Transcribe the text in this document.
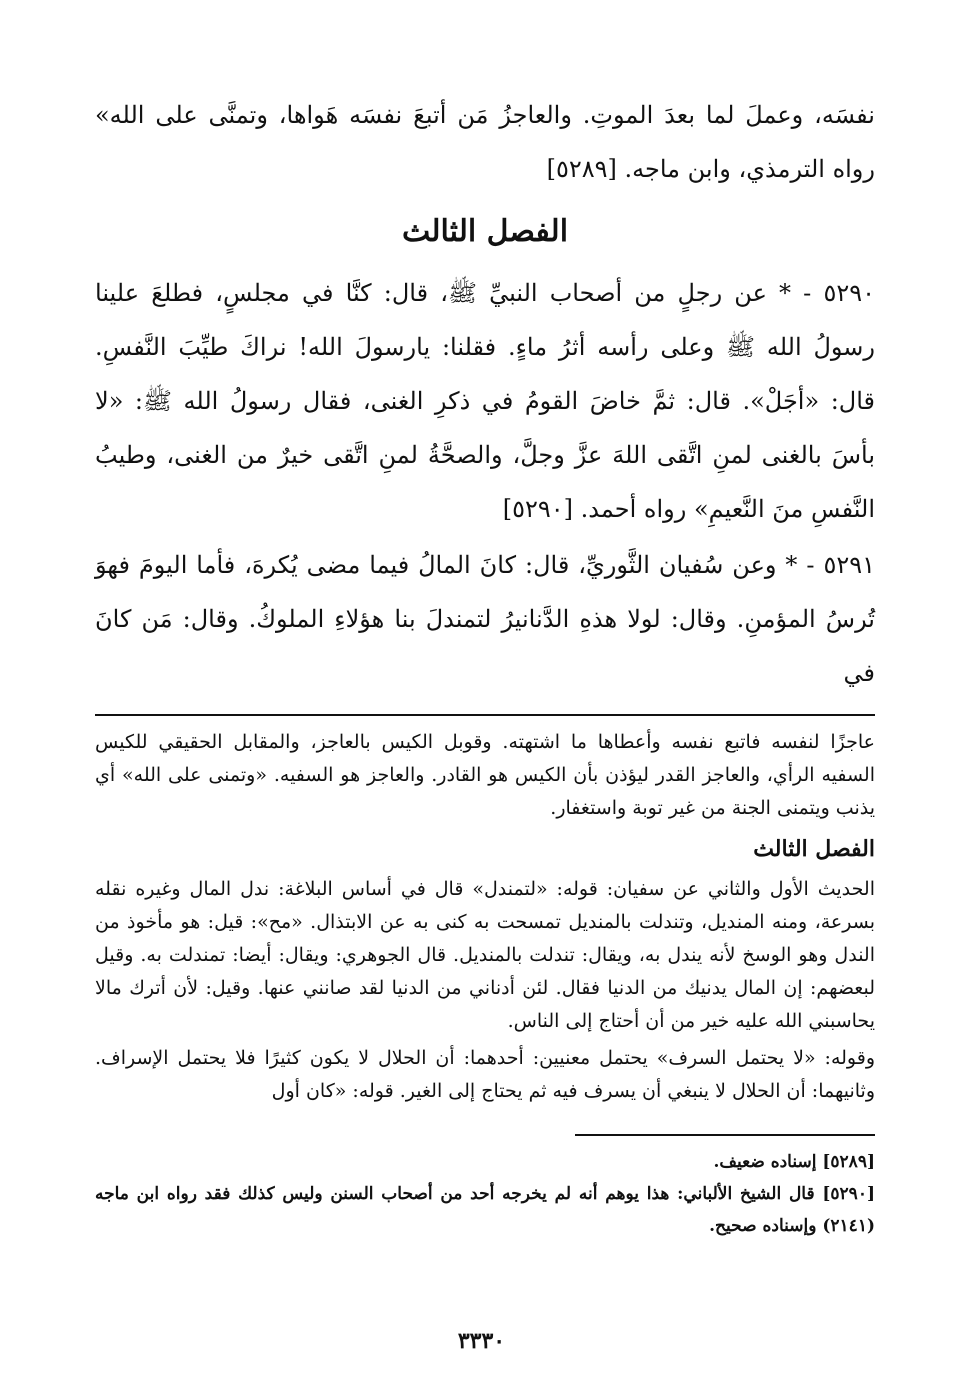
نفسَه، وعملَ لما بعدَ الموتِ. والعاجزُ مَن أتبعَ نفسَه هَواها، وتمنَّى على الله» رواه الترمذي، وابن ماجه. [٥٢٨٩]

الفصل الثالث

٥٢٩٠ - * عن رجلٍ من أصحاب النبيِّ ﷺ، قال: كنَّا في مجلسٍ، فطلعَ علينا رسولُ الله ﷺ وعلى رأسه أثرُ ماءٍ. فقلنا: يارسولَ الله! نراكَ طيِّبَ النَّفسِ. قال: «أجَلْ». قال: ثمَّ خاضَ القومُ في ذكرِ الغنى، فقال رسولُ الله ﷺ: «لا بأسَ بالغنى لمنِ اتَّقى اللهَ عزَّ وجلَّ، والصحَّةُ لمنِ اتَّقى خيرٌ من الغنى، وطيبُ النَّفسِ منَ النَّعيمِ» رواه أحمد. [٥٢٩٠]

٥٢٩١ - * وعن سُفيان الثَّوريِّ، قال: كانَ المالُ فيما مضى يُكرهَ، فأما اليومَ فهوَ تُرسُ المؤمنِ. وقال: لولا هذهِ الدَّنانيرُ لتمندلَ بنا هؤلاءِ الملوكُ. وقال: مَن كانَ في

عاجزًا لنفسه فاتبع نفسه وأعطاها ما اشتهته. وقوبل الكيس بالعاجز، والمقابل الحقيقي للكيس السفيه الرأي، والعاجز القدر ليؤذن بأن الكيس هو القادر. والعاجز هو السفيه. «وتمنى على الله» أي يذنب ويتمنى الجنة من غير توبة واستغفار.

الفصل الثالث

الحديث الأول والثاني عن سفيان: قوله: «لتمندل» قال في أساس البلاغة: ندل المال وغيره نقله بسرعة، ومنه المنديل، وتندلت بالمنديل تمسحت به كنى به عن الابتذال. «مح»: قيل: هو مأخوذ من الندل وهو الوسخ لأنه يندل به، ويقال: تندلت بالمنديل. قال الجوهري: ويقال: أيضا: تمندلت به. وقيل لبعضهم: إن المال يدنيك من الدنيا فقال. لئن أدناني من الدنيا لقد صانني عنها. وقيل: لأن أترك مالا يحاسبني الله عليه خير من أن أحتاج إلى الناس.

وقوله: «لا يحتمل السرف» يحتمل معنيين: أحدهما: أن الحلال لا يكون كثيرًا فلا يحتمل الإسراف. وثانيهما: أن الحلال لا ينبغي أن يسرف فيه ثم يحتاج إلى الغير. قوله: «كان أول

[٥٢٨٩] إسناده ضعيف.

[٥٢٩٠] قال الشيخ الألباني: هذا يوهم أنه لم يخرجه أحد من أصحاب السنن وليس كذلك فقد رواه ابن ماجه (٢١٤١) وإسناده صحيح.

٣٣٣٠
